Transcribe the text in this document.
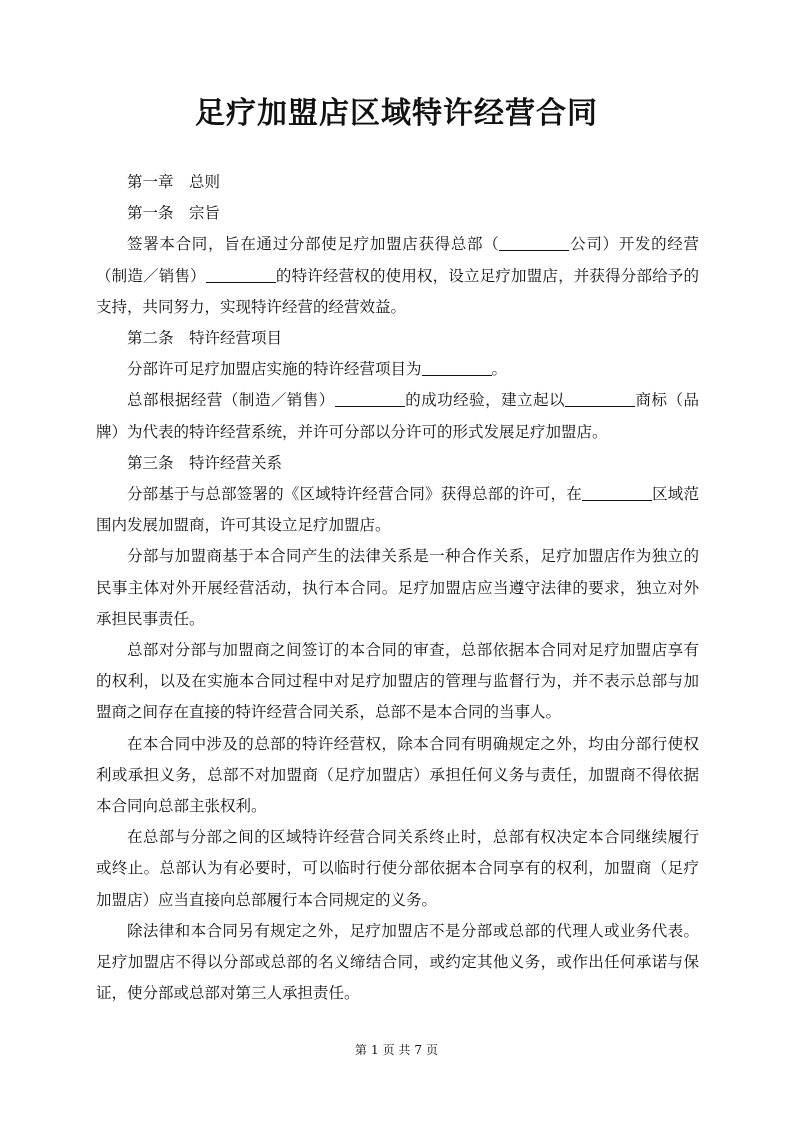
足疗加盟店区域特许经营合同

第一章　总则

第一条　宗旨

签署本合同，旨在通过分部使足疗加盟店获得总部（	公司）开发的经营（制造／销售）	的特许经营权的使用权，设立足疗加盟店，并获得分部给予的支持，共同努力，实现特许经营的经营效益。

第二条　特许经营项目

分部许可足疗加盟店实施的特许经营项目为	。

总部根据经营（制造／销售）	的成功经验，建立起以	商标（品牌）为代表的特许经营系统，并许可分部以分许可的形式发展足疗加盟店。

第三条　特许经营关系

分部基于与总部签署的《区域特许经营合同》获得总部的许可，在	区域范围内发展加盟商，许可其设立足疗加盟店。

分部与加盟商基于本合同产生的法律关系是一种合作关系，足疗加盟店作为独立的民事主体对外开展经营活动，执行本合同。足疗加盟店应当遵守法律的要求，独立对外承担民事责任。

总部对分部与加盟商之间签订的本合同的审查，总部依据本合同对足疗加盟店享有的权利，以及在实施本合同过程中对足疗加盟店的管理与监督行为，并不表示总部与加盟商之间存在直接的特许经营合同关系，总部不是本合同的当事人。

在本合同中涉及的总部的特许经营权，除本合同有明确规定之外，均由分部行使权利或承担义务，总部不对加盟商（足疗加盟店）承担任何义务与责任，加盟商不得依据本合同向总部主张权利。

在总部与分部之间的区域特许经营合同关系终止时，总部有权决定本合同继续履行或终止。总部认为有必要时，可以临时行使分部依据本合同享有的权利，加盟商（足疗加盟店）应当直接向总部履行本合同规定的义务。

除法律和本合同另有规定之外，足疗加盟店不是分部或总部的代理人或业务代表。足疗加盟店不得以分部或总部的名义缔结合同，或约定其他义务，或作出任何承诺与保证，使分部或总部对第三人承担责任。

第 1 页 共 7 页
